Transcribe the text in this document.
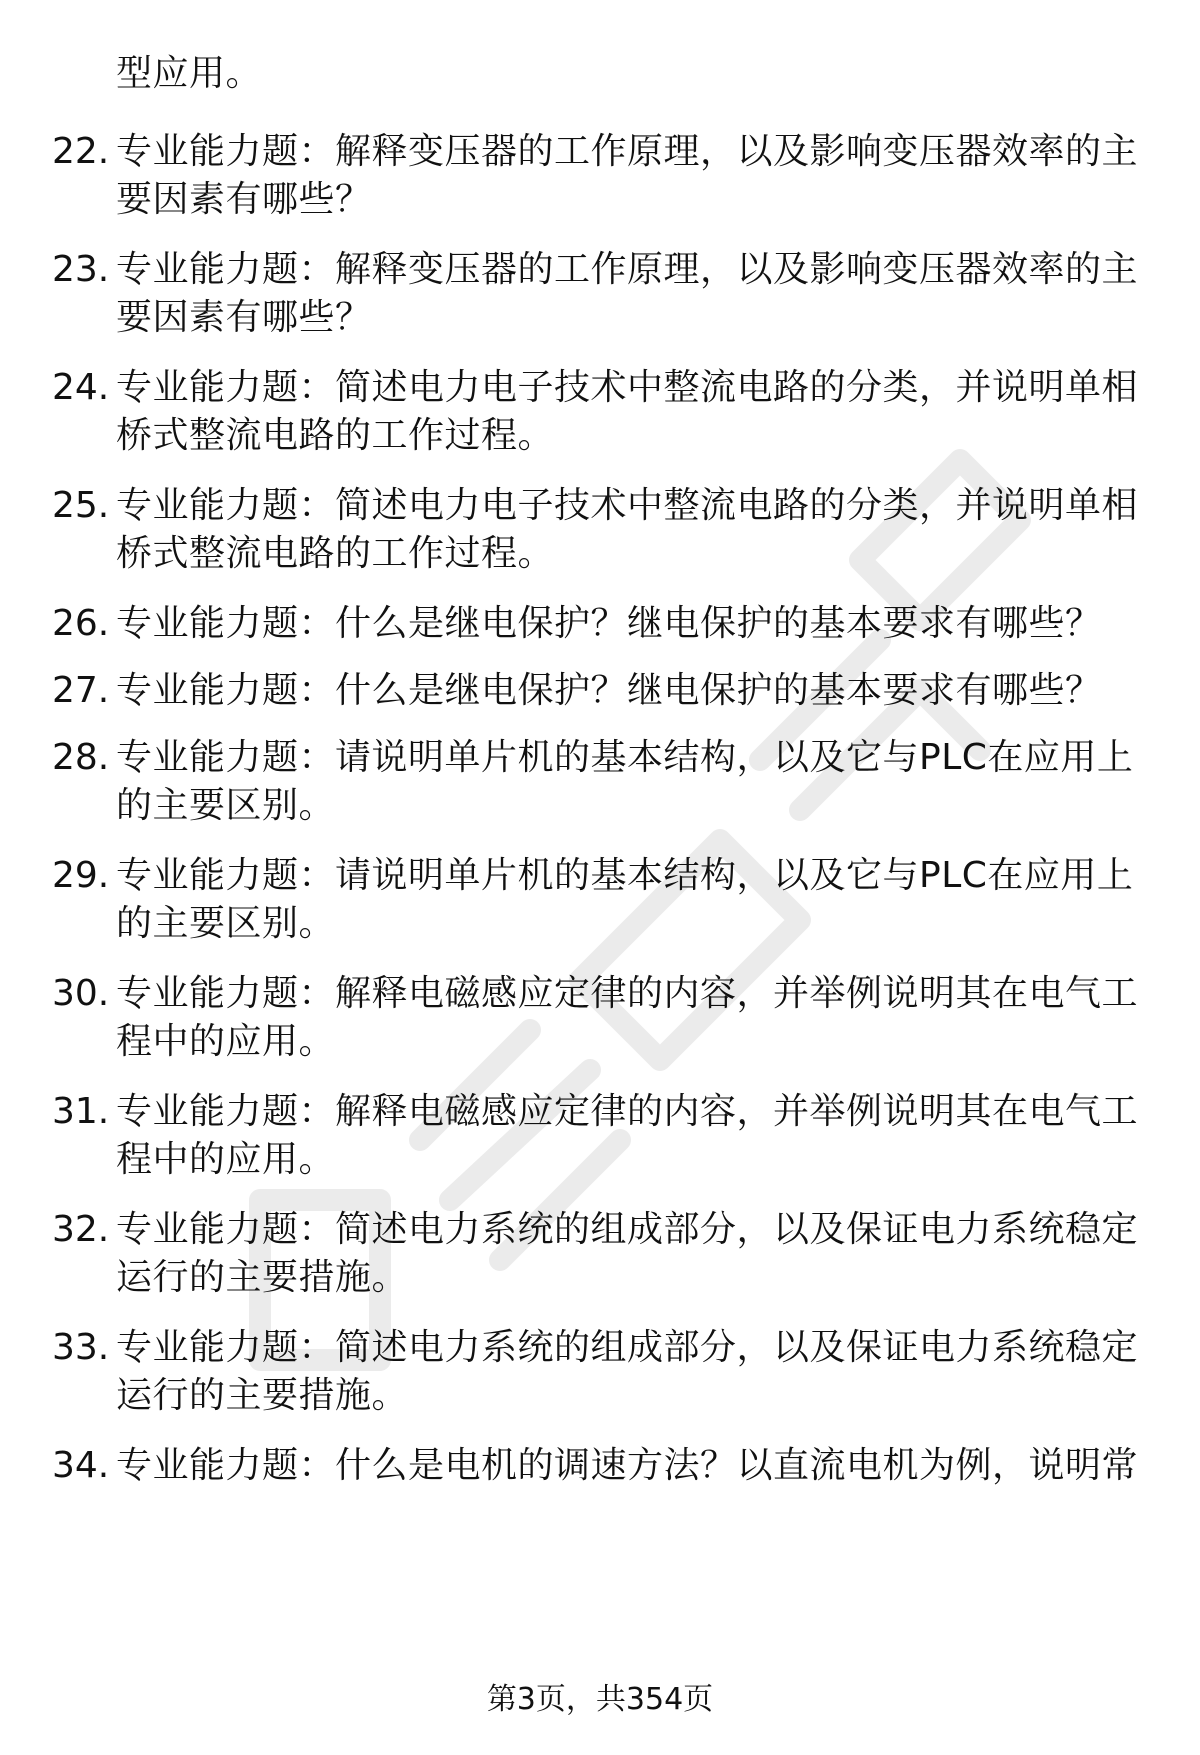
型应用。
22. 专业能力题：解释变压器的工作原理，以及影响变压器效率的主
要因素有哪些？
23. 专业能力题：解释变压器的工作原理，以及影响变压器效率的主
要因素有哪些？
24. 专业能力题：简述电力电子技术中整流电路的分类，并说明单相
桥式整流电路的工作过程。
25. 专业能力题：简述电力电子技术中整流电路的分类，并说明单相
桥式整流电路的工作过程。
26. 专业能力题：什么是继电保护？继电保护的基本要求有哪些？
27. 专业能力题：什么是继电保护？继电保护的基本要求有哪些？
28. 专业能力题：请说明单片机的基本结构，以及它与PLC在应用上
的主要区别。
29. 专业能力题：请说明单片机的基本结构，以及它与PLC在应用上
的主要区别。
30. 专业能力题：解释电磁感应定律的内容，并举例说明其在电气工
程中的应用。
31. 专业能力题：解释电磁感应定律的内容，并举例说明其在电气工
程中的应用。
32. 专业能力题：简述电力系统的组成部分，以及保证电力系统稳定
运行的主要措施。
33. 专业能力题：简述电力系统的组成部分，以及保证电力系统稳定
运行的主要措施。
34. 专业能力题：什么是电机的调速方法？以直流电机为例，说明常
第3页，共354页
